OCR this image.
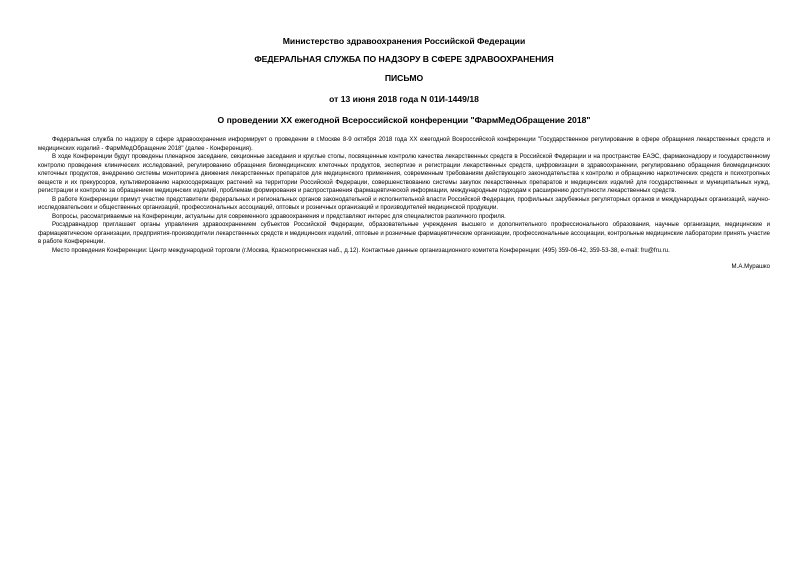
Министерство здравоохранения Российской Федерации
ФЕДЕРАЛЬНАЯ СЛУЖБА ПО НАДЗОРУ В СФЕРЕ ЗДРАВООХРАНЕНИЯ
ПИСЬМО
от 13 июня 2018 года N 01И-1449/18
О проведении XX ежегодной Всероссийской конференции "ФармМедОбращение 2018"

Федеральная служба по надзору в сфере здравоохранения информирует о проведении в г.Москве 8-9 октября 2018 года XX ежегодной Всероссийской конференции "Государственное регулирование в сфере обращения лекарственных средств и медицинских изделий - ФармМедОбращение 2018" (далее - Конференция).

В ходе Конференции будут проведены пленарное заседание, секционные заседания и круглые столы, посвященные контролю качества лекарственных средств в Российской Федерации и на пространстве ЕАЭС, фармаконадзору и государственному контролю проведения клинических исследований, регулированию обращения биомедицинских клеточных продуктов, экспертизе и регистрации лекарственных средств, цифровизации в здравоохранении, регулированию обращения биомедицинских клеточных продуктов, внедрению системы мониторинга движения лекарственных препаратов для медицинского применения, современным требованиям действующего законодательства к контролю и обращению наркотических средств и психотропных веществ и их прекурсоров, культивированию наркосодержащих растений на территории Российской Федерации, совершенствованию системы закупок лекарственных препаратов и медицинских изделий для государственных и муниципальных нужд, регистрации и контролю за обращением медицинских изделий, проблемам формирования и распространения фармацевтической информации, международным подходам к расширению доступности лекарственных средств.

В работе Конференции примут участие представители федеральных и региональных органов законодательной и исполнительной власти Российской Федерации, профильных зарубежных регуляторных органов и международных организаций, научно-исследовательских и общественных организаций, профессиональных ассоциаций, оптовых и розничных организаций и производителей медицинской продукции.

Вопросы, рассматриваемые на Конференции, актуальны для современного здравоохранения и представляют интерес для специалистов различного профиля.

Росздравнадзор приглашает органы управления здравоохранением субъектов Российской Федерации, образовательные учреждения высшего и дополнительного профессионального образования, научные организации, медицинские и фармацевтические организации, предприятия-производители лекарственных средств и медицинских изделий, оптовые и розничные фармацевтические организации, профессиональные ассоциации, контрольные медицинские лаборатории принять участие в работе Конференции.

Место проведения Конференции: Центр международной торговли (г.Москва, Краснопресненская наб., д.12). Контактные данные организационного комитета Конференции: (495) 359-06-42, 359-53-38, e-mail: fru@fru.ru.

М.А.Мурашко
